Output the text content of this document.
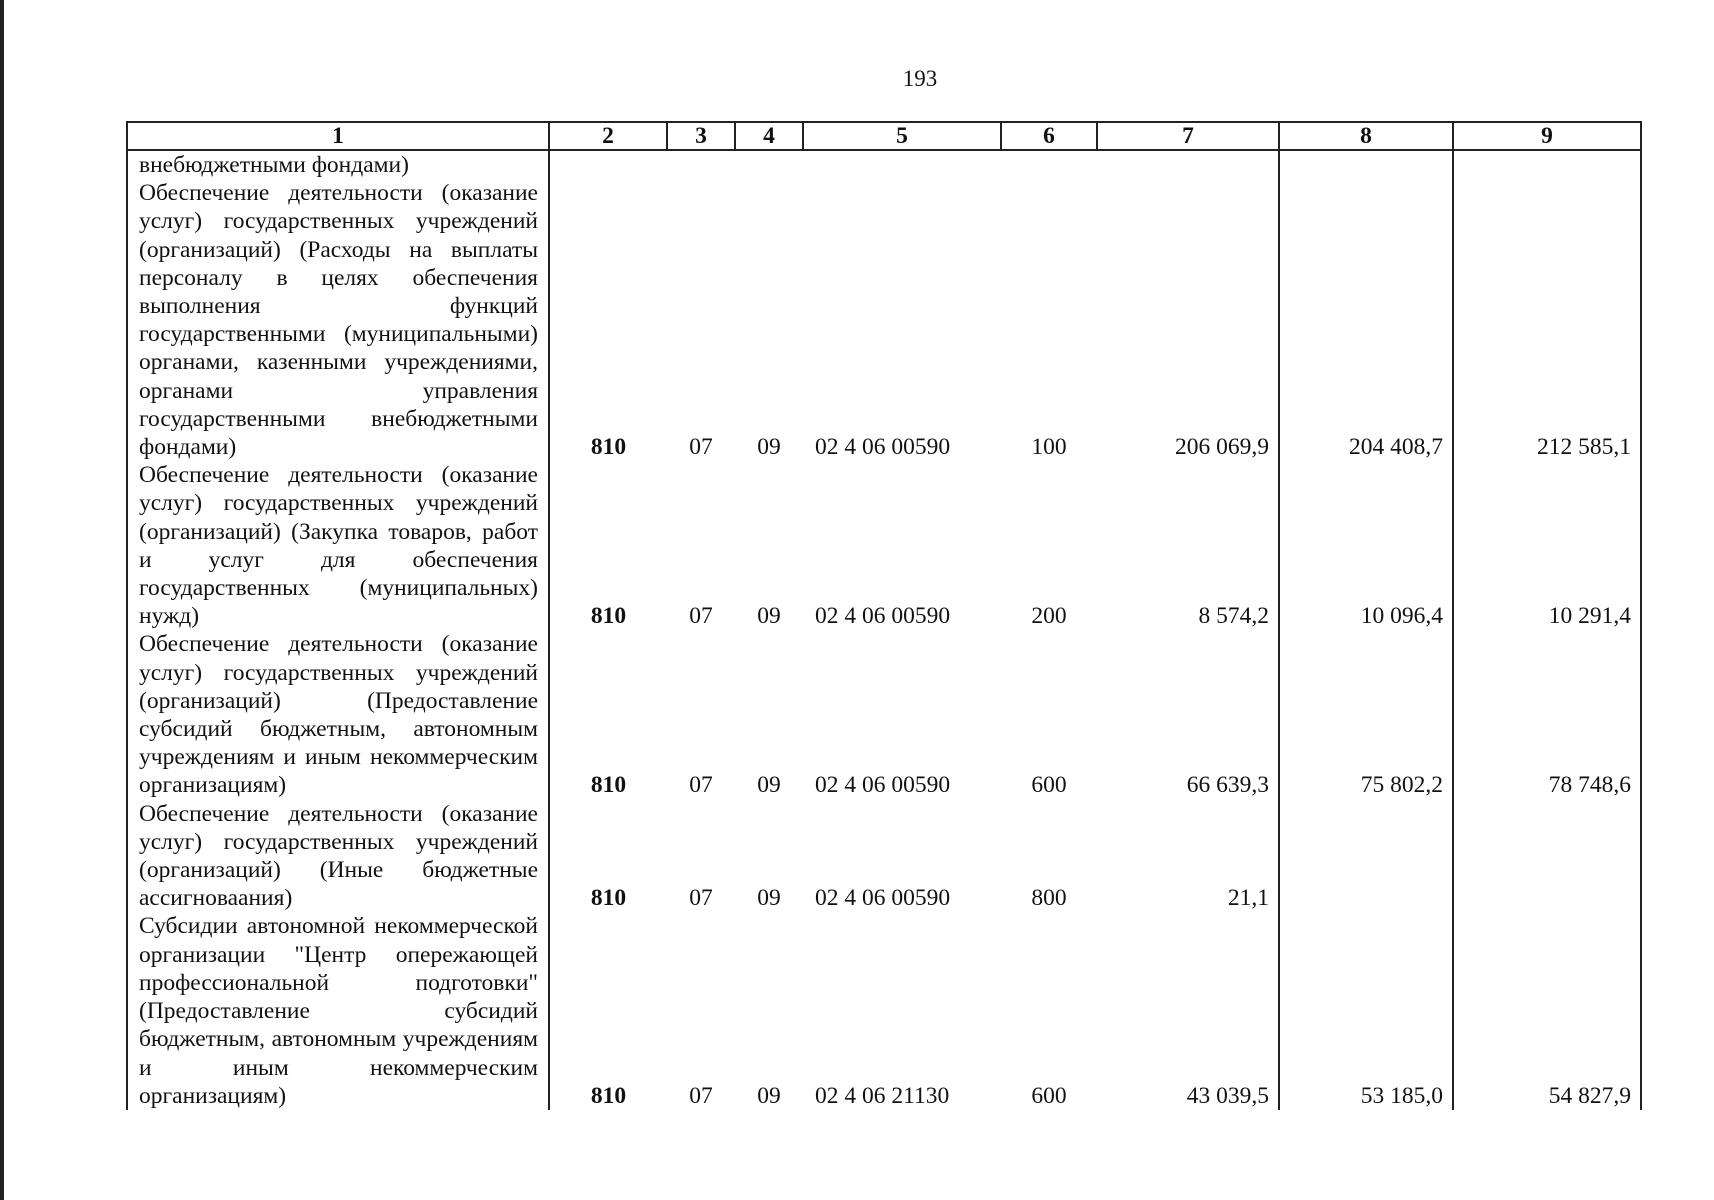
193
1	2	3	4	5	6	7	8	9
внебюджетными фондами)								
Обеспечение деятельности (оказание услуг) государственных учреждений (организаций) (Расходы на выплаты персоналу в целях обеспечения выполнения функций государственными (муниципальными) органами, казенными учреждениями, органами управления государственными внебюджетными фондами)	810	07	09	02 4 06 00590	100	206 069,9	204 408,7	212 585,1
Обеспечение деятельности (оказание услуг) государственных учреждений (организаций) (Закупка товаров, работ и услуг для обеспечения государственных (муниципальных) нужд)	810	07	09	02 4 06 00590	200	8 574,2	10 096,4	10 291,4
Обеспечение деятельности (оказание услуг) государственных учреждений (организаций) (Предоставление субсидий бюджетным, автономным учреждениям и иным некоммерческим организациям)	810	07	09	02 4 06 00590	600	66 639,3	75 802,2	78 748,6
Обеспечение деятельности (оказание услуг) государственных учреждений (организаций) (Иные бюджетные ассигноваания)	810	07	09	02 4 06 00590	800	21,1		
Субсидии автономной некоммерческой организации "Центр опережающей профессиональной подготовки" (Предоставление субсидий бюджетным, автономным учреждениям и иным некоммерческим организациям)	810	07	09	02 4 06 21130	600	43 039,5	53 185,0	54 827,9
